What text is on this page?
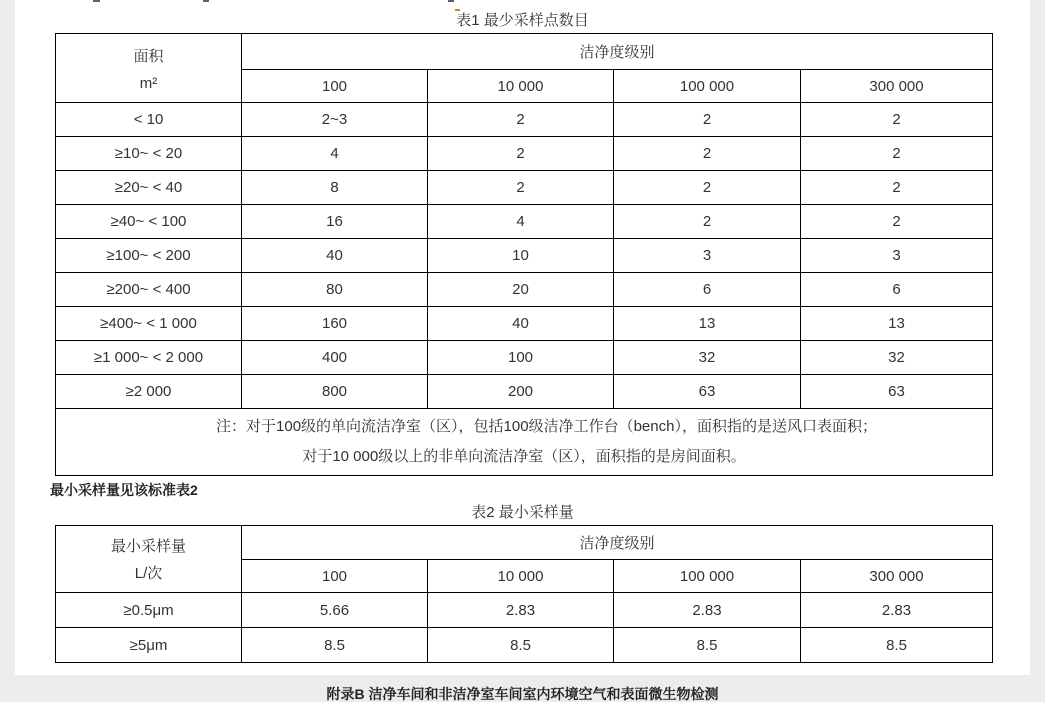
表1 最少采样点数目
面积
m²	洁净度级别			
	100	10 000	100 000	300 000
< 10	2~3	2	2	2
≥10~ < 20	4	2	2	2
≥20~ < 40	8	2	2	2
≥40~ < 100	16	4	2	2
≥100~ < 200	40	10	3	3
≥200~ < 400	80	20	6	6
≥400~ < 1 000	160	40	13	13
≥1 000~ < 2 000	400	100	32	32
≥2 000	800	200	63	63

注：对于100级的单向流洁净室（区），包括100级洁净工作台（bench），面积指的是送风口表面积；
对于10 000级以上的非单向流洁净室（区），面积指的是房间面积。				
最小采样量见该标准表2
表2 最小采样量
最小采样量
L/次	洁净度级别			
	100	10 000	100 000	300 000
≥0.5μm	5.66	2.83	2.83	2.83
≥5μm	8.5	8.5	8.5	8.5
附录B 洁净车间和非洁净室车间室内环境空气和表面微生物检测
